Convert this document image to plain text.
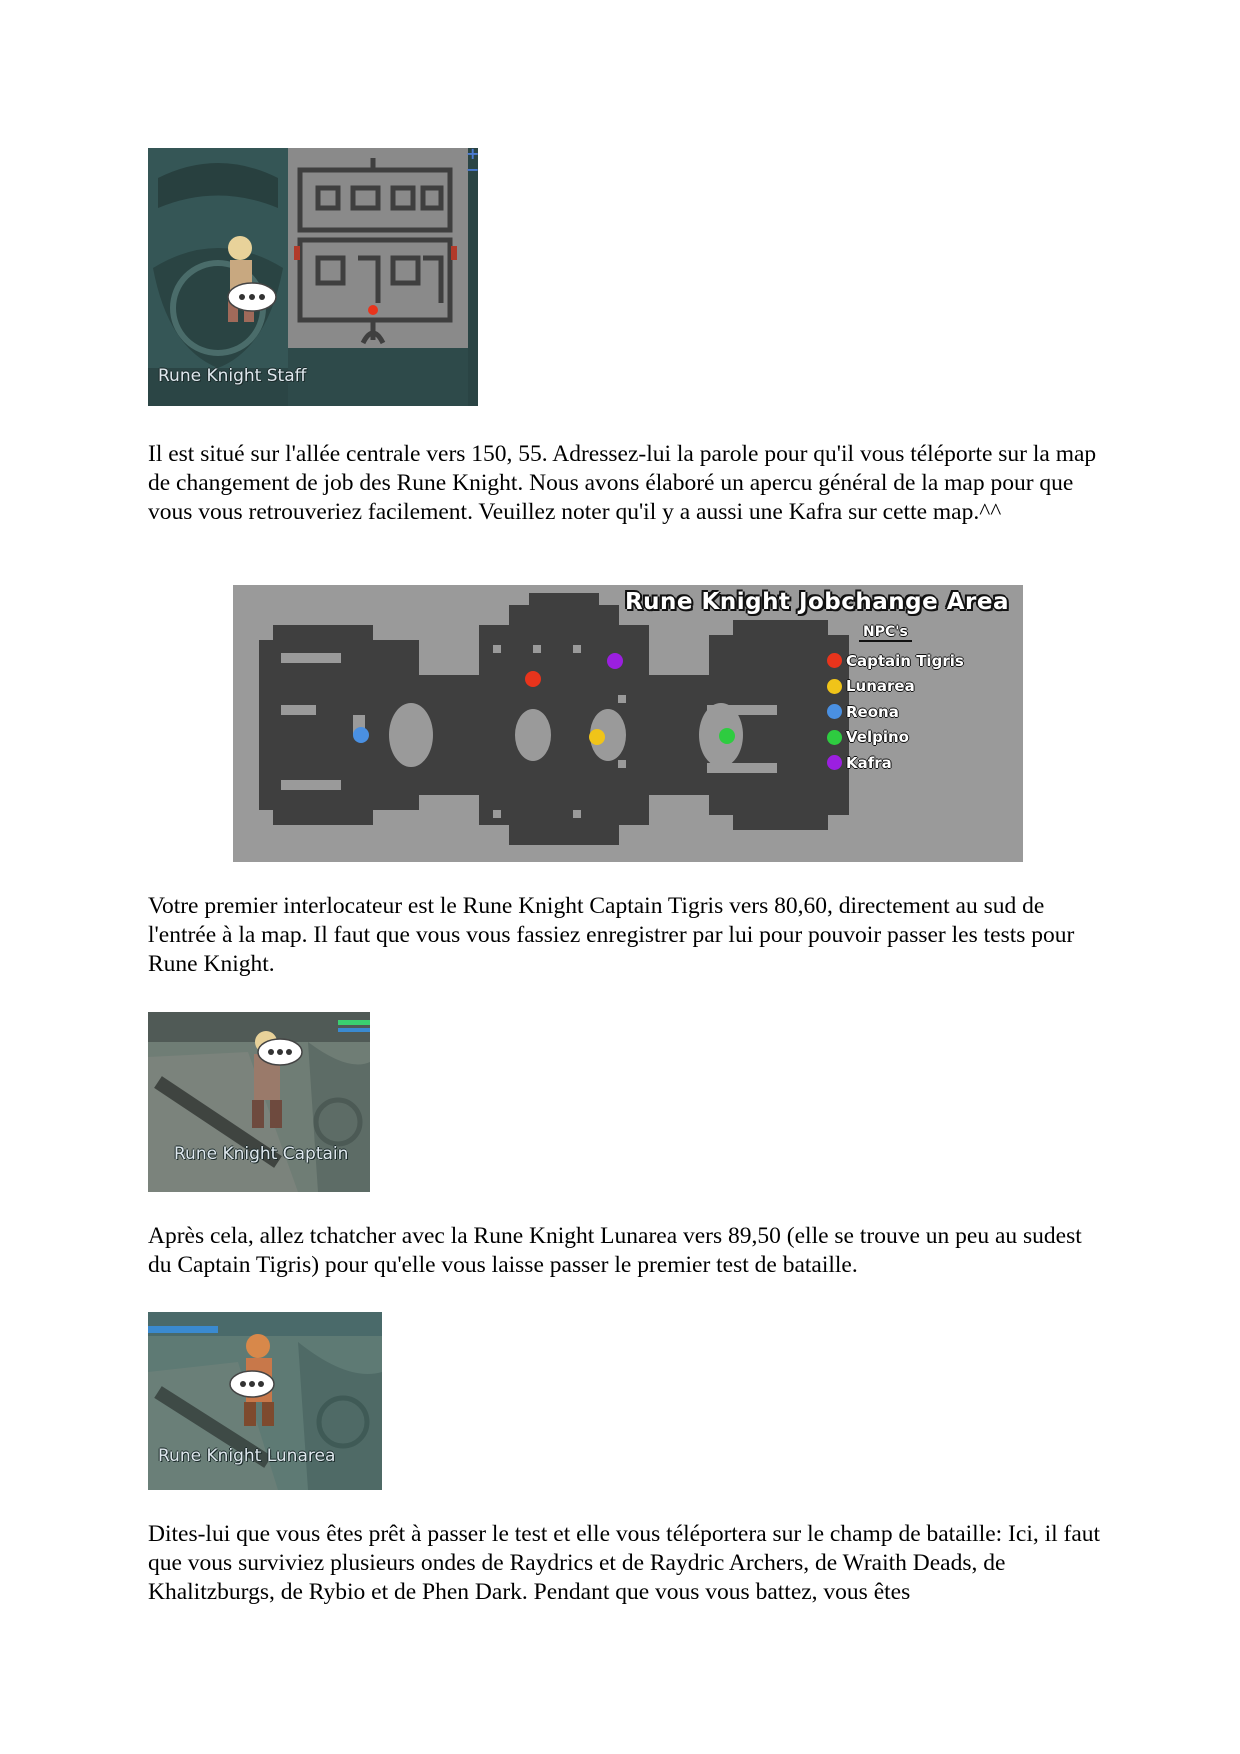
+
−
Rune Knight Staff

Il est situé sur l'allée centrale vers 150, 55. Adressez-lui la parole pour qu'il vous téléporte sur la map de changement de job des Rune Knight. Nous avons élaboré un apercu général de la map pour que vous vous retrouveriez facilement. Veuillez noter qu'il y a aussi une Kafra sur cette map.^^

Rune Knight Jobchange Area
NPC's
Captain Tigris
Lunarea
Reona
Velpino
Kafra

Votre premier interlocateur est le Rune Knight Captain Tigris vers 80,60, directement au sud de l'entrée à la map. Il faut que vous vous fassiez enregistrer par lui pour pouvoir passer les tests pour Rune Knight.

Rune Knight Captain

Après cela, allez tchatcher avec la Rune Knight Lunarea vers 89,50 (elle se trouve un peu au sudest du Captain Tigris) pour qu'elle vous laisse passer le premier test de bataille.

Rune Knight Lunarea

Dites-lui que vous êtes prêt à passer le test et elle vous téléportera sur le champ de bataille: Ici, il faut que vous surviviez plusieurs ondes de Raydrics et de Raydric Archers, de Wraith Deads, de Khalitzburgs, de Rybio et de Phen Dark. Pendant que vous vous battez, vous êtes
